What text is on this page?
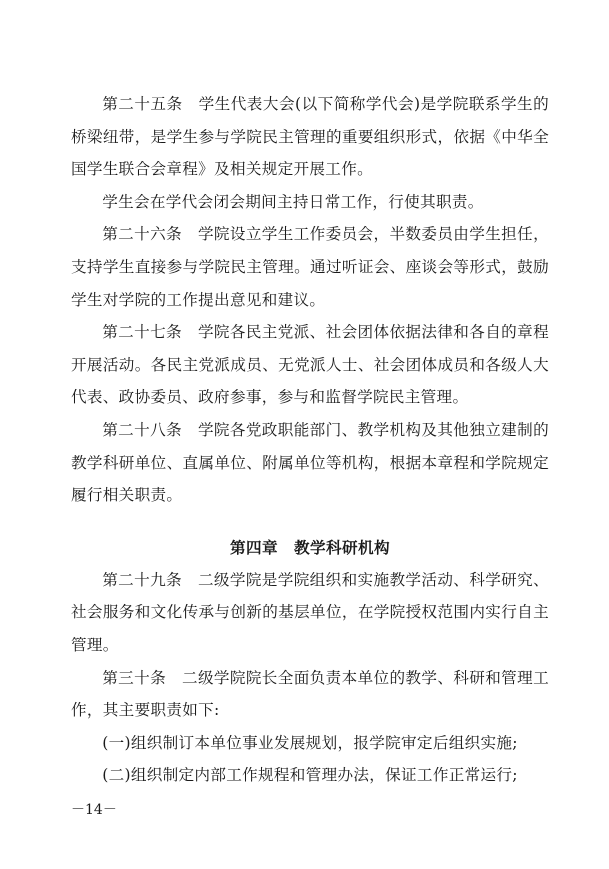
第二十五条　学生代表大会(以下简称学代会)是学院联系学生的桥梁纽带，是学生参与学院民主管理的重要组织形式，依据《中华全国学生联合会章程》及相关规定开展工作。

学生会在学代会闭会期间主持日常工作，行使其职责。

第二十六条　学院设立学生工作委员会，半数委员由学生担任，支持学生直接参与学院民主管理。通过听证会、座谈会等形式，鼓励学生对学院的工作提出意见和建议。

第二十七条　学院各民主党派、社会团体依据法律和各自的章程开展活动。各民主党派成员、无党派人士、社会团体成员和各级人大代表、政协委员、政府参事，参与和监督学院民主管理。

第二十八条　学院各党政职能部门、教学机构及其他独立建制的教学科研单位、直属单位、附属单位等机构，根据本章程和学院规定履行相关职责。

第四章　教学科研机构

第二十九条　二级学院是学院组织和实施教学活动、科学研究、社会服务和文化传承与创新的基层单位，在学院授权范围内实行自主管理。

第三十条　二级学院院长全面负责本单位的教学、科研和管理工作，其主要职责如下:

(一)组织制订本单位事业发展规划，报学院审定后组织实施;

(二)组织制定内部工作规程和管理办法，保证工作正常运行;

－14－
